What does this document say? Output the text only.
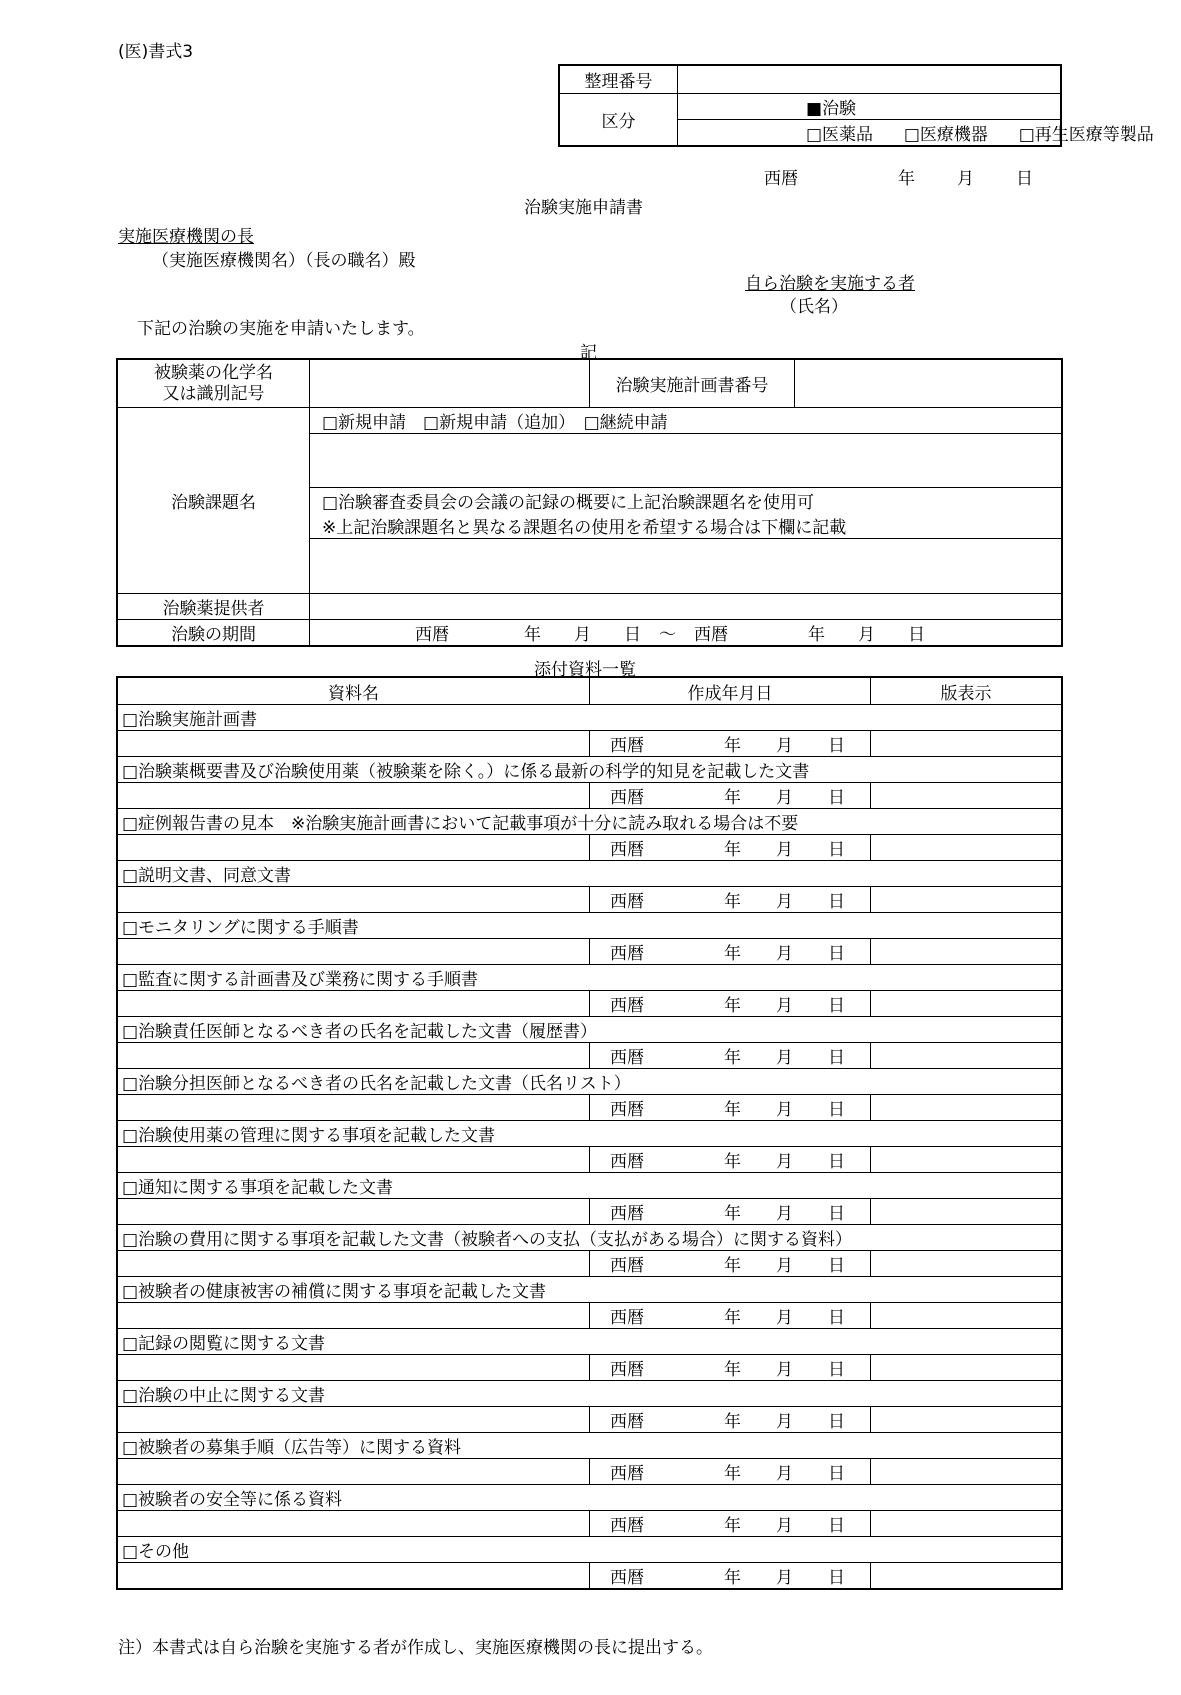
(医)書式3
整理番号	
区分	■治験
	□医薬品 □医療機器 □再生医療等製品
西暦	年 月 日
治験実施申請書
実施医療機関の長
（実施医療機関名）（長の職名）殿
自ら治験を実施する者
（氏名）
下記の治験の実施を申請いたします。
記
被験薬の化学名
又は識別記号		治験実施計画書番号	
治験課題名	□新規申請　□新規申請（追加）　□継続申請		

	□治験審査委員会の会議の記録の概要に上記治験課題名を使用可		
	※上記治験課題名と異なる課題名の使用を希望する場合は下欄に記載		

治験薬提供者			
治験の期間	西暦 年 月 日 ～ 西暦 年 月 日		
添付資料一覧
資料名	作成年月日	版表示
□治験実施計画書		
	西暦 年 月 日	
□治験薬概要書及び治験使用薬（被験薬を除く。）に係る最新の科学的知見を記載した文書		
	西暦 年 月 日	
□症例報告書の見本　※治験実施計画書において記載事項が十分に読み取れる場合は不要		
	西暦 年 月 日	
□説明文書、同意文書		
	西暦 年 月 日	
□モニタリングに関する手順書		
	西暦 年 月 日	
□監査に関する計画書及び業務に関する手順書		
	西暦 年 月 日	
□治験責任医師となるべき者の氏名を記載した文書（履歴書）		
	西暦 年 月 日	
□治験分担医師となるべき者の氏名を記載した文書（氏名リスト）		
	西暦 年 月 日	
□治験使用薬の管理に関する事項を記載した文書		
	西暦 年 月 日	
□通知に関する事項を記載した文書		
	西暦 年 月 日	
□治験の費用に関する事項を記載した文書（被験者への支払（支払がある場合）に関する資料）		
	西暦 年 月 日	
□被験者の健康被害の補償に関する事項を記載した文書		
	西暦 年 月 日	
□記録の閲覧に関する文書		
	西暦 年 月 日	
□治験の中止に関する文書		
	西暦 年 月 日	
□被験者の募集手順（広告等）に関する資料		
	西暦 年 月 日	
□被験者の安全等に係る資料		
	西暦 年 月 日	
□その他		
	西暦 年 月 日	
注）本書式は自ら治験を実施する者が作成し、実施医療機関の長に提出する。
